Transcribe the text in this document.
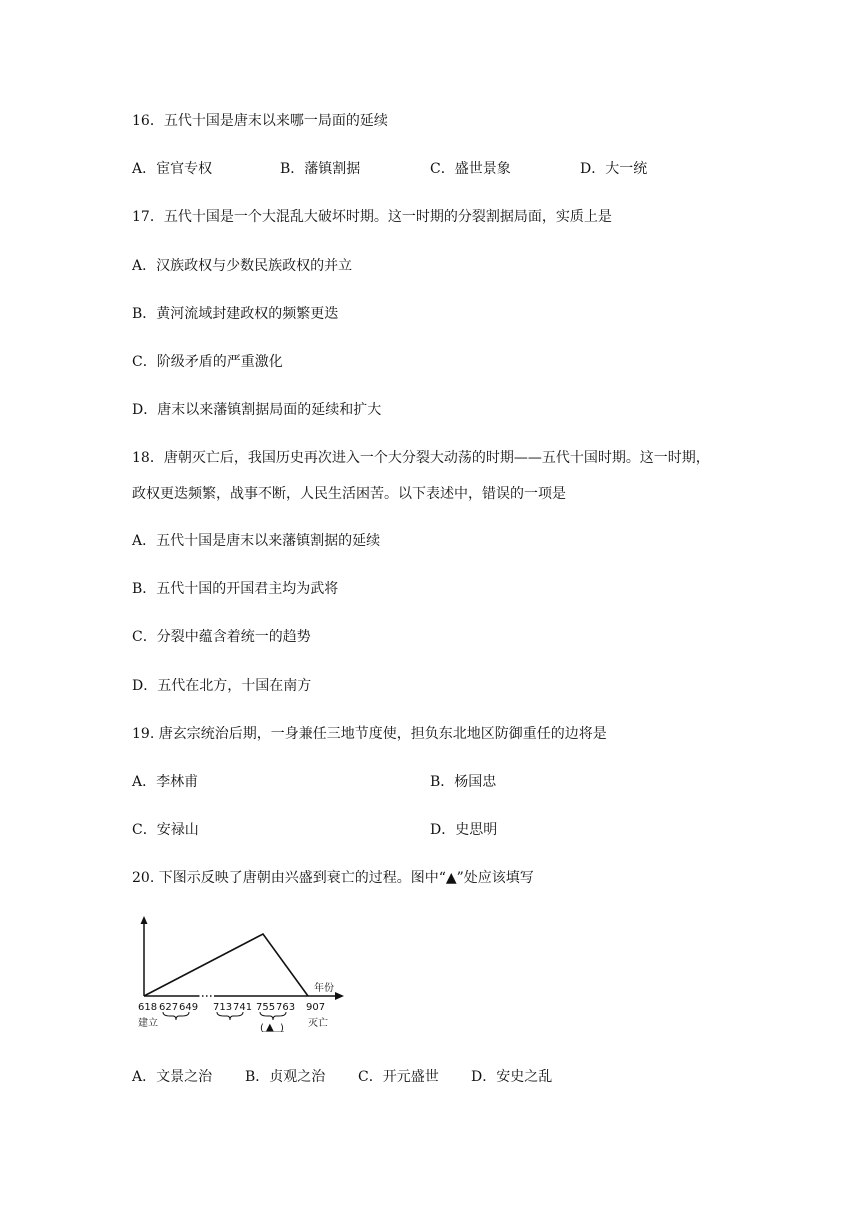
16．五代十国是唐末以来哪一局面的延续
A．宦官专权	B．藩镇割据	C．盛世景象	D．大一统
17．五代十国是一个大混乱大破坏时期。这一时期的分裂割据局面，实质上是
A．汉族政权与少数民族政权的并立
B．黄河流域封建政权的频繁更迭
C．阶级矛盾的严重激化
D．唐末以来藩镇割据局面的延续和扩大
18．唐朝灭亡后，我国历史再次进入一个大分裂大动荡的时期——五代十国时期。这一时期，
政权更迭频繁，战事不断，人民生活困苦。以下表述中，错误的一项是
A．五代十国是唐末以来藩镇割据的延续
B．五代十国的开国君主均为武将
C．分裂中蕴含着统一的趋势
D．五代在北方，十国在南方
19. 唐玄宗统治后期，一身兼任三地节度使，担负东北地区防御重任的边将是
A．李林甫	B．杨国忠
C．安禄山	D．史思明
20. 下图示反映了唐朝由兴盛到衰亡的过程。图中“▲”处应该填写
年份
618 627 649 713 741 755 763 907
( ▲ )
建立	灭亡
A．文景之治 B．贞观之治 C．开元盛世 D．安史之乱
